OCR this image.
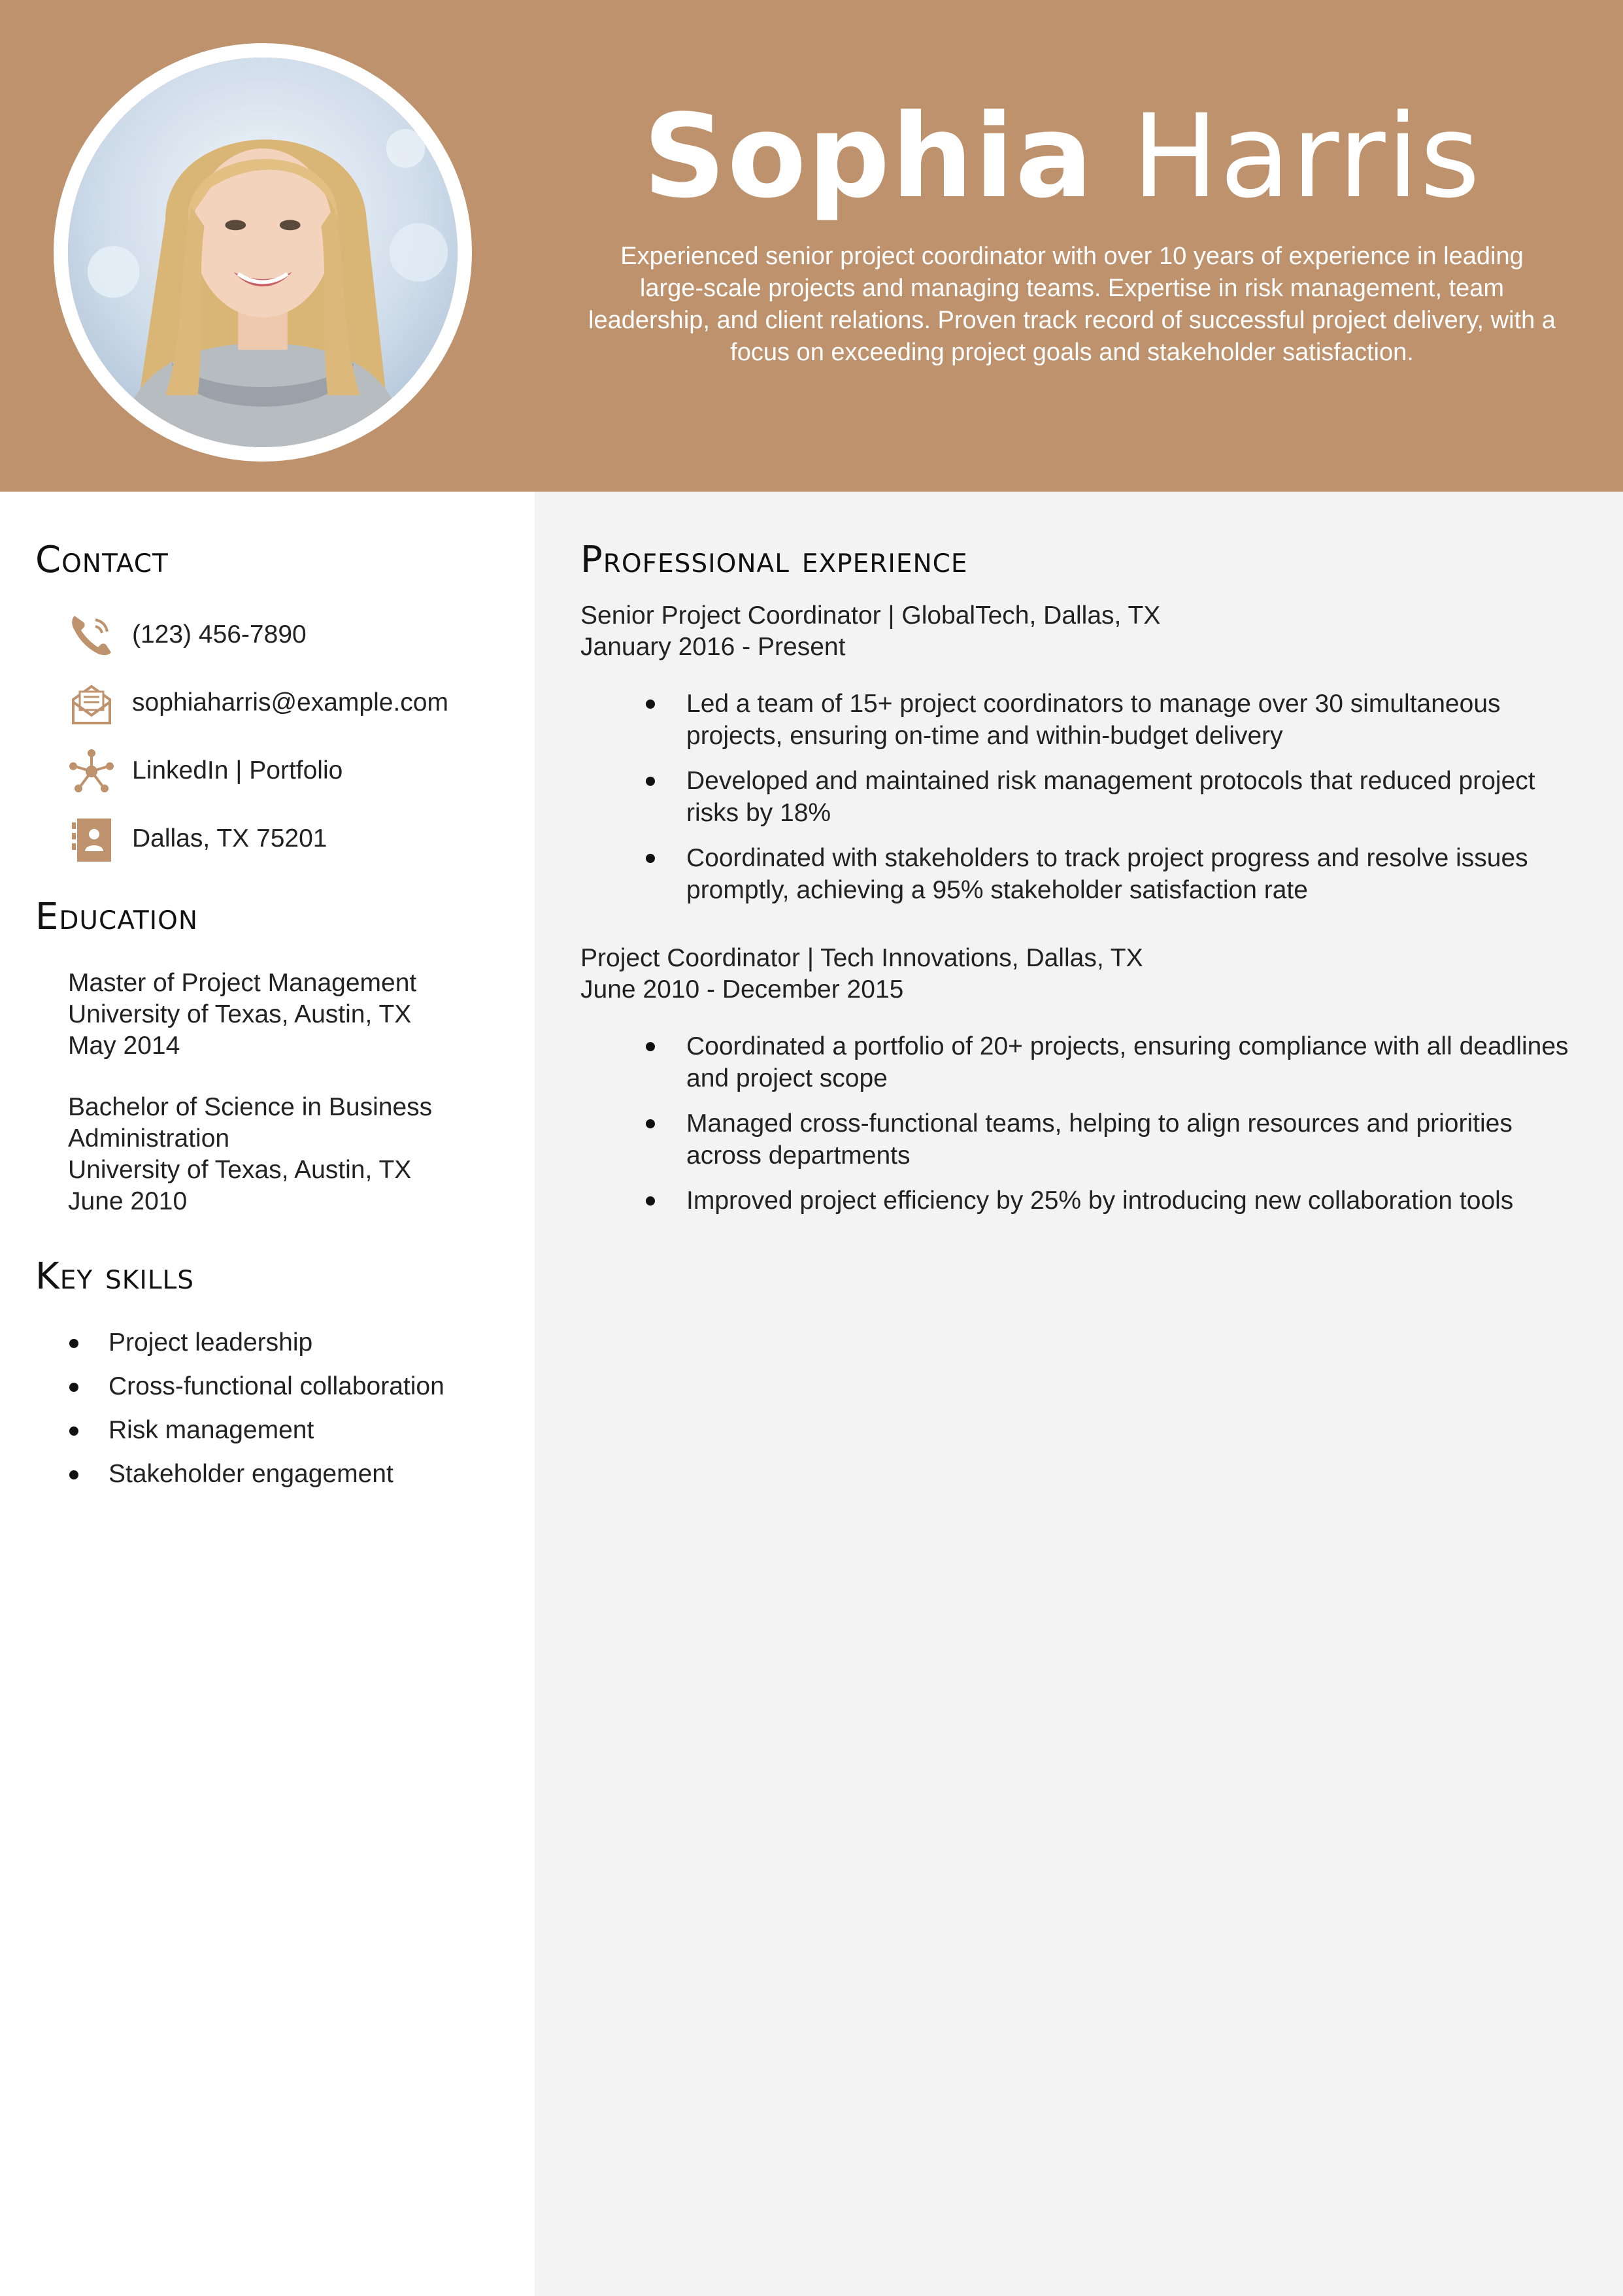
Sophia Harris
Experienced senior project coordinator with over 10 years of experience in leading large-scale projects and managing teams. Expertise in risk management, team leadership, and client relations. Proven track record of successful project delivery, with a focus on exceeding project goals and stakeholder satisfaction.
Contact
(123) 456-7890
sophiaharris@example.com
LinkedIn | Portfolio
Dallas, TX 75201
Education
Master of Project Management
University of Texas, Austin, TX
May 2014
Bachelor of Science in Business
Administration
University of Texas, Austin, TX
June 2010
Key skills
Project leadership
Cross-functional collaboration
Risk management
Stakeholder engagement
Professional experience
Senior Project Coordinator | GlobalTech, Dallas, TX
January 2016 - Present
Led a team of 15+ project coordinators to manage over 30 simultaneous projects, ensuring on-time and within-budget delivery
Developed and maintained risk management protocols that reduced project risks by 18%
Coordinated with stakeholders to track project progress and resolve issues promptly, achieving a 95% stakeholder satisfaction rate
Project Coordinator | Tech Innovations, Dallas, TX
June 2010 - December 2015
Coordinated a portfolio of 20+ projects, ensuring compliance with all deadlines and project scope
Managed cross-functional teams, helping to align resources and priorities across departments
Improved project efficiency by 25% by introducing new collaboration tools
